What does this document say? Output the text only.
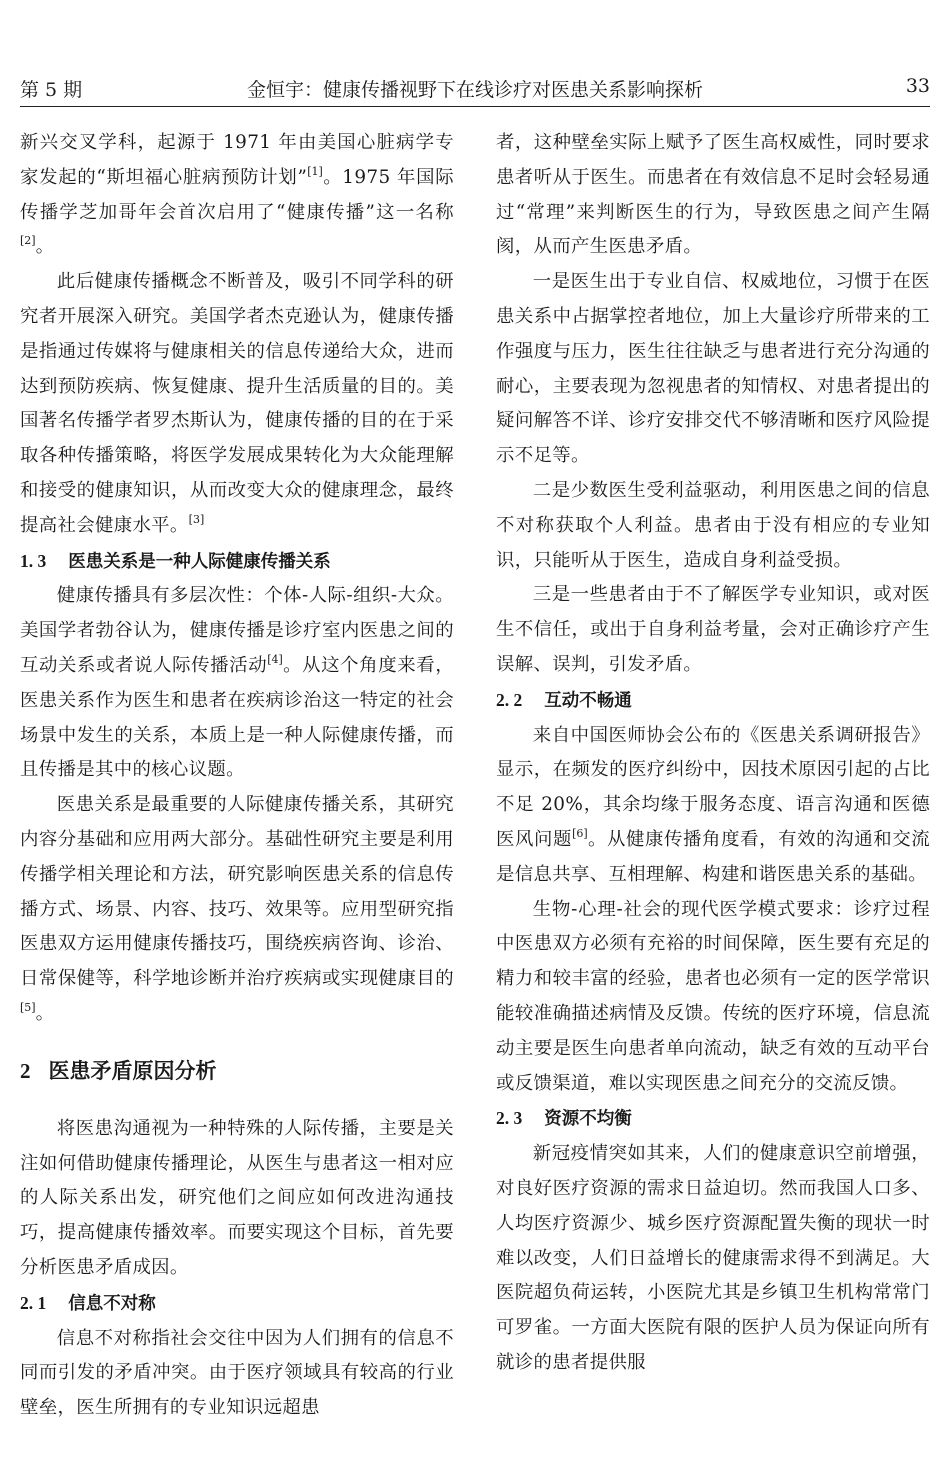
第 5 期	金恒宇：健康传播视野下在线诊疗对医患关系影响探析	33

新兴交叉学科，起源于 1971 年由美国心脏病学专家发起的“斯坦福心脏病预防计划”[1]。1975 年国际传播学芝加哥年会首次启用了“健康传播”这一名称[2]。

此后健康传播概念不断普及，吸引不同学科的研究者开展深入研究。美国学者杰克逊认为，健康传播是指通过传媒将与健康相关的信息传递给大众，进而达到预防疾病、恢复健康、提升生活质量的目的。美国著名传播学者罗杰斯认为，健康传播的目的在于采取各种传播策略，将医学发展成果转化为大众能理解和接受的健康知识，从而改变大众的健康理念，最终提高社会健康水平。[3]

1. 3 医患关系是一种人际健康传播关系

健康传播具有多层次性：个体-人际-组织-大众。美国学者勃谷认为，健康传播是诊疗室内医患之间的互动关系或者说人际传播活动[4]。从这个角度来看，医患关系作为医生和患者在疾病诊治这一特定的社会场景中发生的关系，本质上是一种人际健康传播，而且传播是其中的核心议题。

医患关系是最重要的人际健康传播关系，其研究内容分基础和应用两大部分。基础性研究主要是利用传播学相关理论和方法，研究影响医患关系的信息传播方式、场景、内容、技巧、效果等。应用型研究指医患双方运用健康传播技巧，围绕疾病咨询、诊治、日常保健等，科学地诊断并治疗疾病或实现健康目的[5]。

2 医患矛盾原因分析

将医患沟通视为一种特殊的人际传播，主要是关注如何借助健康传播理论，从医生与患者这一相对应的人际关系出发，研究他们之间应如何改进沟通技巧，提高健康传播效率。而要实现这个目标，首先要分析医患矛盾成因。

2. 1 信息不对称

信息不对称指社会交往中因为人们拥有的信息不同而引发的矛盾冲突。由于医疗领域具有较高的行业壁垒，医生所拥有的专业知识远超患

者，这种壁垒实际上赋予了医生高权威性，同时要求患者听从于医生。而患者在有效信息不足时会轻易通过“常理”来判断医生的行为，导致医患之间产生隔阂，从而产生医患矛盾。

一是医生出于专业自信、权威地位，习惯于在医患关系中占据掌控者地位，加上大量诊疗所带来的工作强度与压力，医生往往缺乏与患者进行充分沟通的耐心，主要表现为忽视患者的知情权、对患者提出的疑问解答不详、诊疗安排交代不够清晰和医疗风险提示不足等。

二是少数医生受利益驱动，利用医患之间的信息不对称获取个人利益。患者由于没有相应的专业知识，只能听从于医生，造成自身利益受损。

三是一些患者由于不了解医学专业知识，或对医生不信任，或出于自身利益考量，会对正确诊疗产生误解、误判，引发矛盾。

2. 2 互动不畅通

来自中国医师协会公布的《医患关系调研报告》显示，在频发的医疗纠纷中，因技术原因引起的占比不足 20%，其余均缘于服务态度、语言沟通和医德医风问题[6]。从健康传播角度看，有效的沟通和交流是信息共享、互相理解、构建和谐医患关系的基础。

生物-心理-社会的现代医学模式要求：诊疗过程中医患双方必须有充裕的时间保障，医生要有充足的精力和较丰富的经验，患者也必须有一定的医学常识能较准确描述病情及反馈。传统的医疗环境，信息流动主要是医生向患者单向流动，缺乏有效的互动平台或反馈渠道，难以实现医患之间充分的交流反馈。

2. 3 资源不均衡

新冠疫情突如其来，人们的健康意识空前增强，对良好医疗资源的需求日益迫切。然而我国人口多、人均医疗资源少、城乡医疗资源配置失衡的现状一时难以改变，人们日益增长的健康需求得不到满足。大医院超负荷运转，小医院尤其是乡镇卫生机构常常门可罗雀。一方面大医院有限的医护人员为保证向所有就诊的患者提供服
